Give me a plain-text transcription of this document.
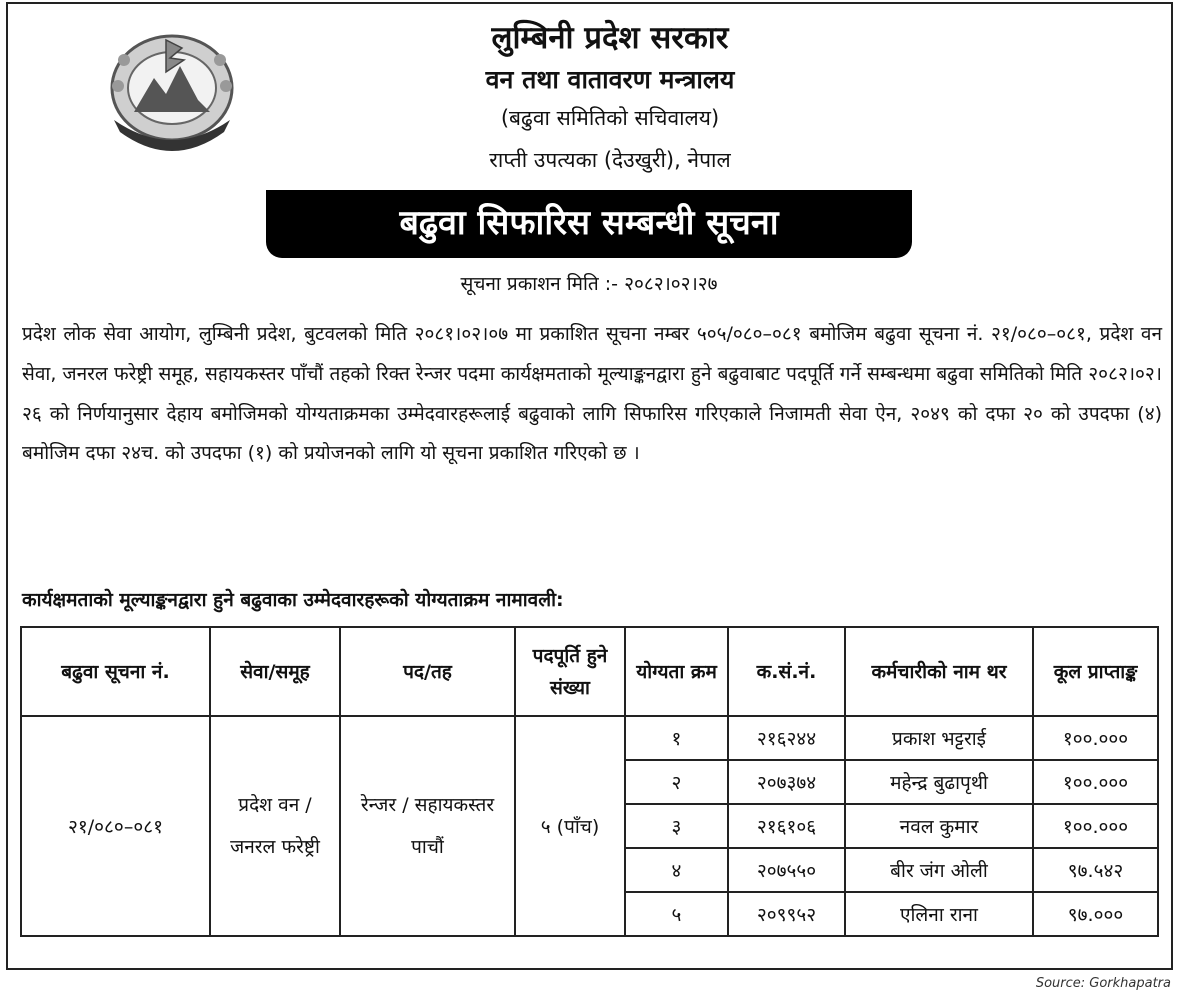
लुम्बिनी प्रदेश सरकार
वन तथा वातावरण मन्त्रालय
(बढुवा समितिको सचिवालय)
राप्ती उपत्यका (देउखुरी), नेपाल
बढुवा सिफारिस सम्बन्धी सूचना
सूचना प्रकाशन मिति :- २०८२।०२।२७
प्रदेश लोक सेवा आयोग, लुम्बिनी प्रदेश, बुटवलको मिति २०८१।०२।०७ मा प्रकाशित सूचना नम्बर ५०५/०८०–०८१ बमोजिम बढुवा सूचना नं. २१/०८०–०८१, प्रदेश वन सेवा, जनरल फरेष्ट्री समूह, सहायकस्तर पाँचौं तहको रिक्त रेन्जर पदमा कार्यक्षमताको मूल्याङ्कनद्वारा हुने बढुवाबाट पदपूर्ति गर्ने सम्बन्धमा बढुवा समितिको मिति २०८२।०२।२६ को निर्णयानुसार देहाय बमोजिमको योग्यताक्रमका उम्मेदवारहरूलाई बढुवाको लागि सिफारिस गरिएकाले निजामती सेवा ऐन, २०४९ को दफा २० को उपदफा (४) बमोजिम दफा २४च. को उपदफा (१) को प्रयोजनको लागि यो सूचना प्रकाशित गरिएको छ ।
कार्यक्षमताको मूल्याङ्कनद्वारा हुने बढुवाका उम्मेदवारहरूको योग्यताक्रम नामावली:
बढुवा सूचना नं.	सेवा/समूह	पद/तह	पदपूर्ति हुने संख्या	योग्यता क्रम	क.सं.नं.	कर्मचारीको नाम थर	कूल प्राप्ताङ्क
२१/०८०–०८१	प्रदेश वन / जनरल फरेष्ट्री	रेन्जर / सहायकस्तर पाचौं	५ (पाँच)	१	२१६२४४	प्रकाश भट्टराई	१००.०००
				२	२०७३७४	महेन्द्र बुढापृथी	१००.०००
				३	२१६१०६	नवल कुमार	१००.०००
				४	२०७५५०	बीर जंग ओली	९७.५४२
				५	२०९९५२	एलिना राना	९७.०००
Source: Gorkhapatra
